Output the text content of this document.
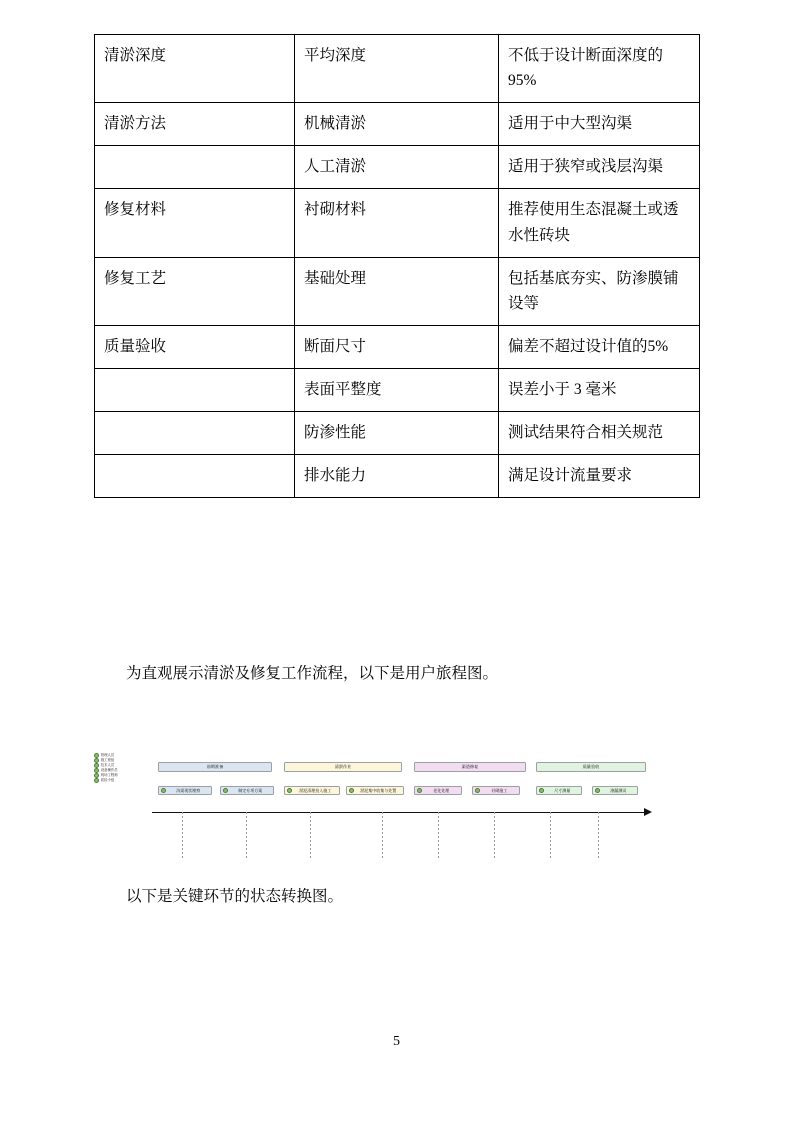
清淤深度	平均深度	不低于设计断面深度的95%
清淤方法	机械清淤	适用于中大型沟渠
	人工清淤	适用于狭窄或浅层沟渠
修复材料	衬砌材料	推荐使用生态混凝土或透水性砖块
修复工艺	基础处理	包括基底夯实、防渗膜铺设等
质量验收	断面尺寸	偏差不超过设计值的5%
	表面平整度	误差小于 3 毫米
	防渗性能	测试结果符合相关规范
	排水能力	满足设计流量要求
为直观展示清淤及修复工作流程，以下是用户旅程图。
管理人员
施工班组
技术人员
设备操作员
现场工程师
质检小组
前期准备	清淤作业	渠道修复	质量验收
沟渠现状勘察	制定专项方案	淤泥清理投入施工	淤泥集中收集与处置	老化处理	衬砌施工	尺寸测量	渗漏测试
以下是关键环节的状态转换图。
5
